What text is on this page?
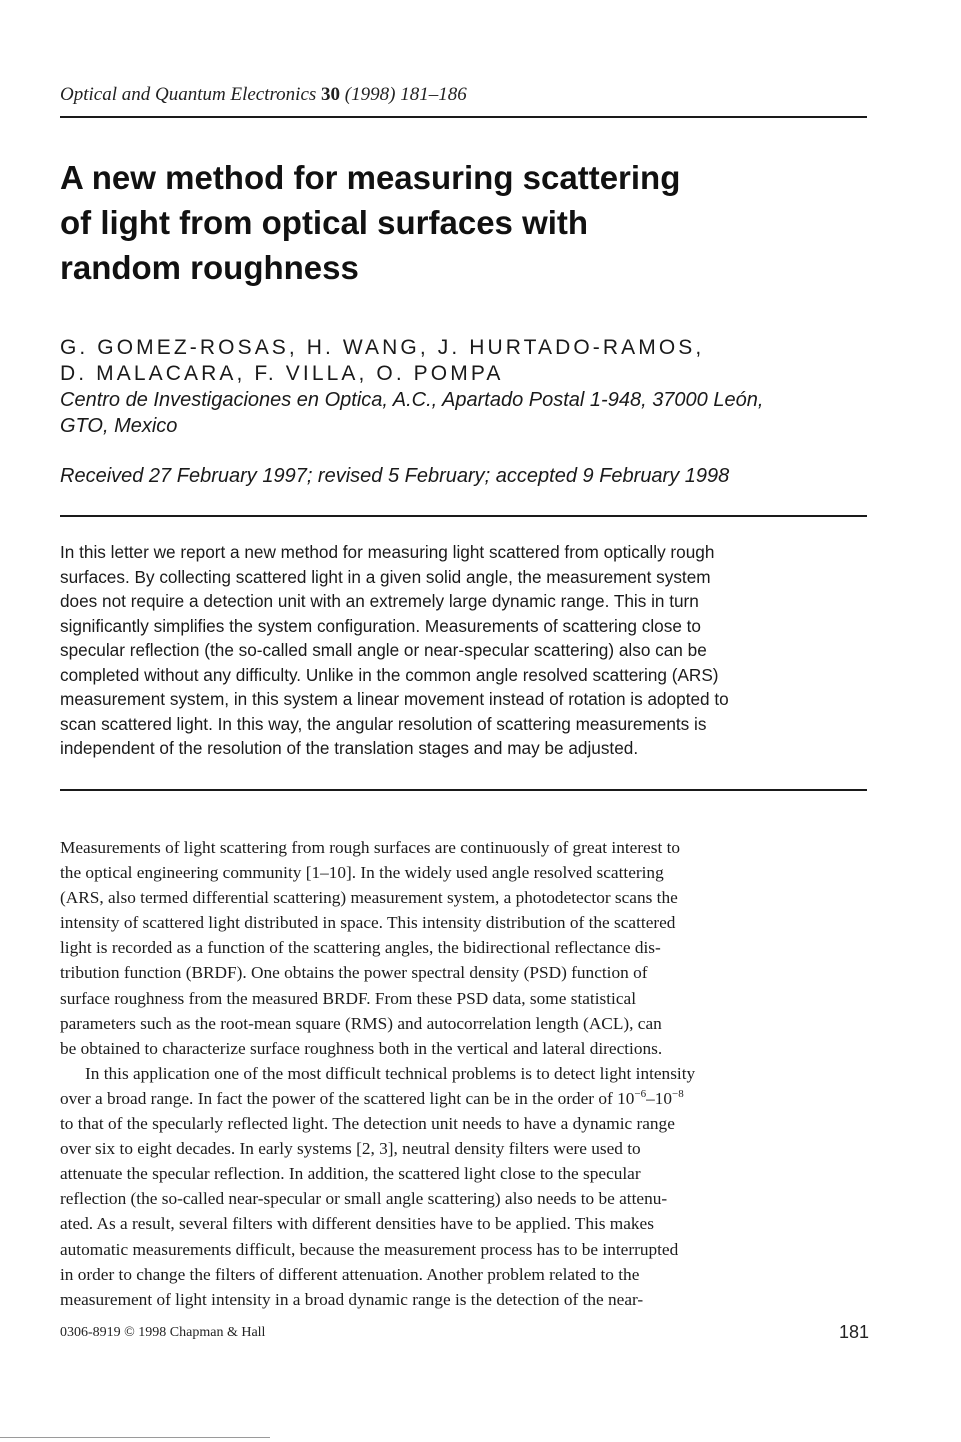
Optical and Quantum Electronics 30 (1998) 181–186
A new method for measuring scattering
of light from optical surfaces with
random roughness
G. GOMEZ-ROSAS, H. WANG, J. HURTADO-RAMOS,
D. MALACARA, F. VILLA, O. POMPA
Centro de Investigaciones en Optica, A.C., Apartado Postal 1-948, 37000 León,
GTO, Mexico
Received 27 February 1997; revised 5 February; accepted 9 February 1998
In this letter we report a new method for measuring light scattered from optically rough
surfaces. By collecting scattered light in a given solid angle, the measurement system
does not require a detection unit with an extremely large dynamic range. This in turn
significantly simplifies the system configuration. Measurements of scattering close to
specular reflection (the so-called small angle or near-specular scattering) also can be
completed without any difficulty. Unlike in the common angle resolved scattering (ARS)
measurement system, in this system a linear movement instead of rotation is adopted to
scan scattered light. In this way, the angular resolution of scattering measurements is
independent of the resolution of the translation stages and may be adjusted.
Measurements of light scattering from rough surfaces are continuously of great interest to
the optical engineering community [1–10]. In the widely used angle resolved scattering
(ARS, also termed differential scattering) measurement system, a photodetector scans the
intensity of scattered light distributed in space. This intensity distribution of the scattered
light is recorded as a function of the scattering angles, the bidirectional reflectance dis-
tribution function (BRDF). One obtains the power spectral density (PSD) function of
surface roughness from the measured BRDF. From these PSD data, some statistical
parameters such as the root-mean square (RMS) and autocorrelation length (ACL), can
be obtained to characterize surface roughness both in the vertical and lateral directions.
In this application one of the most difficult technical problems is to detect light intensity
over a broad range. In fact the power of the scattered light can be in the order of $10^{-6}-10^{-8}$
to that of the specularly reflected light. The detection unit needs to have a dynamic range
over six to eight decades. In early systems [2, 3], neutral density filters were used to
attenuate the specular reflection. In addition, the scattered light close to the specular
reflection (the so-called near-specular or small angle scattering) also needs to be attenu-
ated. As a result, several filters with different densities have to be applied. This makes
automatic measurements difficult, because the measurement process has to be interrupted
in order to change the filters of different attenuation. Another problem related to the
measurement of light intensity in a broad dynamic range is the detection of the near-
0306-8919 © 1998 Chapman & Hall	181
